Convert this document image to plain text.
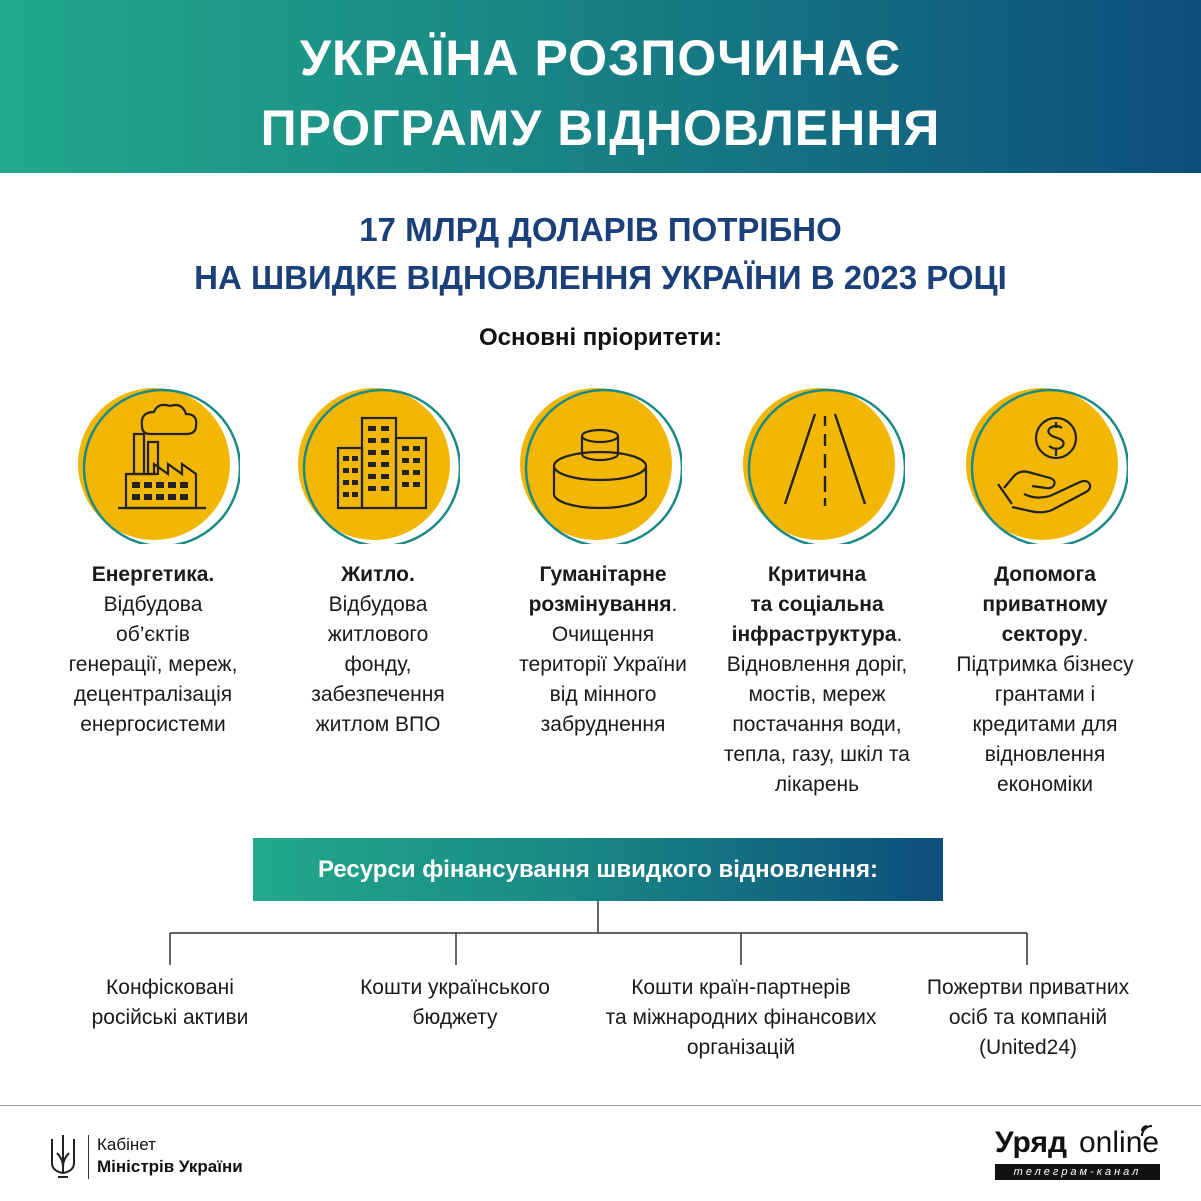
УКРАЇНА РОЗПОЧИНАЄ
ПРОГРАМУ ВІДНОВЛЕННЯ
17 МЛРД ДОЛАРІВ ПОТРІБНО
НА ШВИДКЕ ВІДНОВЛЕННЯ УКРАЇНИ В 2023 РОЦІ
Основні пріоритети:
Енергетика.
Відбудова
об’єктів
генерації, мереж,
децентралізація
енергосистеми
Житло.
Відбудова
житлового
фонду,
забезпечення
житлом ВПО
Гуманітарне
розмінування.
Очищення
території України
від мінного
забруднення
Критична
та соціальна
інфраструктура.
Відновлення доріг,
мостів, мереж
постачання води,
тепла, газу, шкіл та
лікарень
Допомога
приватному сектору.
Підтримка бізнесу
грантами і
кредитами для
відновлення
економіки
Ресурси фінансування швидкого відновлення:
Конфісковані
російські активи
Кошти українського
бюджету
Кошти країн-партнерів
та міжнародних фінансових
організацій
Пожертви приватних
осіб та компаній
(United24)
Кабінет
Міністрів України
Уряд online
телеграм-канал
